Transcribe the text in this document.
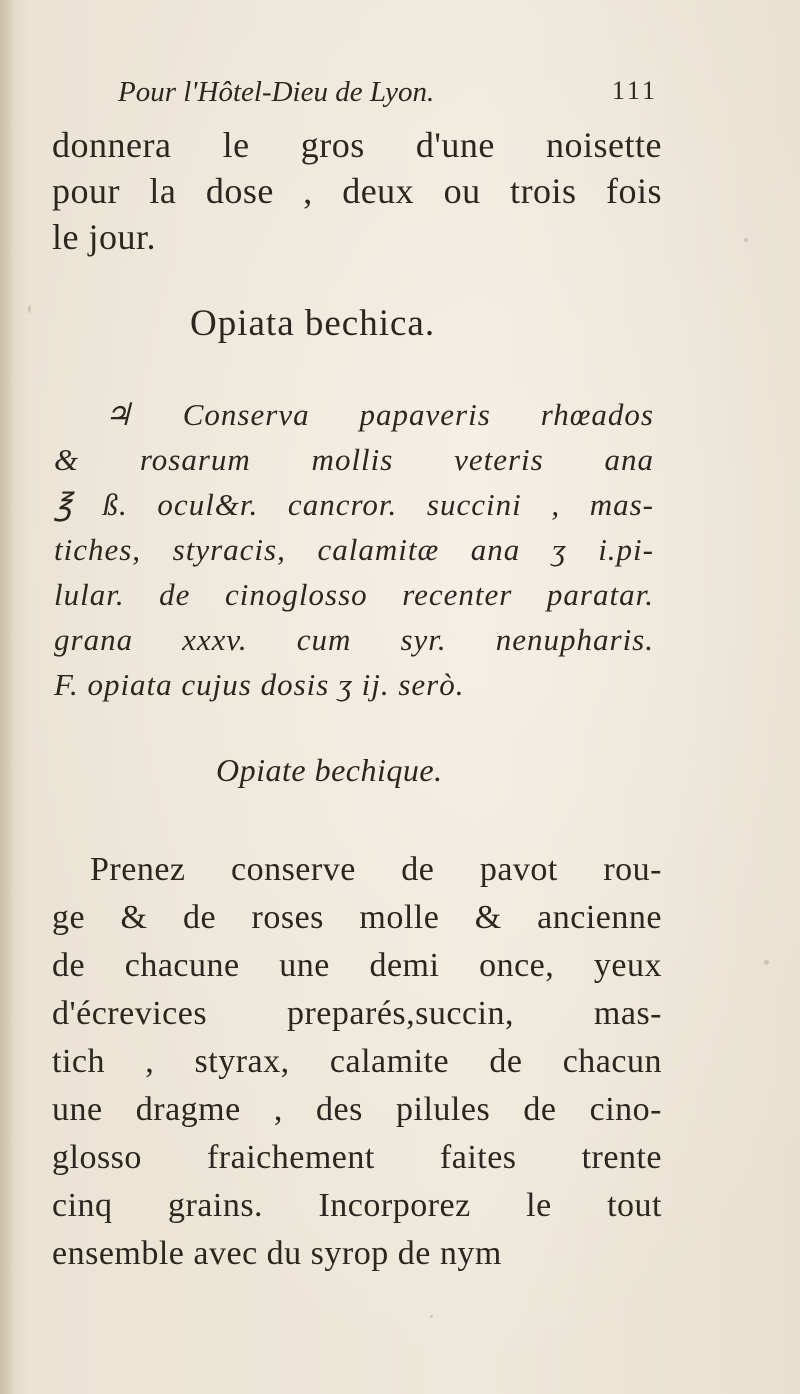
Pour l'Hôtel-Dieu de Lyon.	111
donnera le gros d'une noisette
pour la dose , deux ou trois fois
le jour.
Opiata bechica.
♃ Conserva papaveris rhœados
& rosarum mollis veteris ana
℥ ß. ocul&r. cancror. succini , mas-
tiches, styracis, calamitæ ana ʒ i.pi-
lular. de cinoglosso recenter paratar.
grana xxxv. cum syr. nenupharis.
F. opiata cujus dosis ʒ ij. serò.
Opiate bechique.
Prenez conserve de pavot rou-
ge & de roses molle & ancienne
de chacune une demi once, yeux
d'écrevices preparés,succin, mas-
tich , styrax, calamite de chacun
une dragme , des pilules de cino-
glosso fraichement faites trente
cinq grains. Incorporez le tout
ensemble avec du syrop de nym
